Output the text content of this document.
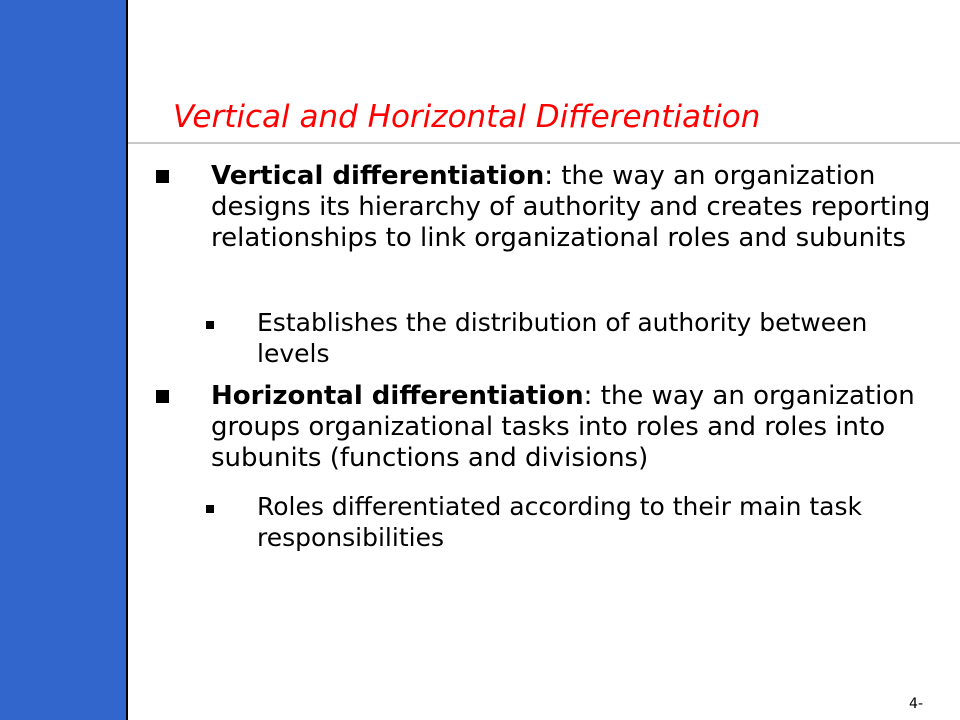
Vertical and Horizontal Differentiation
Vertical differentiation: the way an organization designs its hierarchy of authority and creates reporting relationships to link organizational roles and subunits
Establishes the distribution of authority between levels
Horizontal differentiation: the way an organization groups organizational tasks into roles and roles into subunits (functions and divisions)
Roles differentiated according to their main task responsibilities
4-
